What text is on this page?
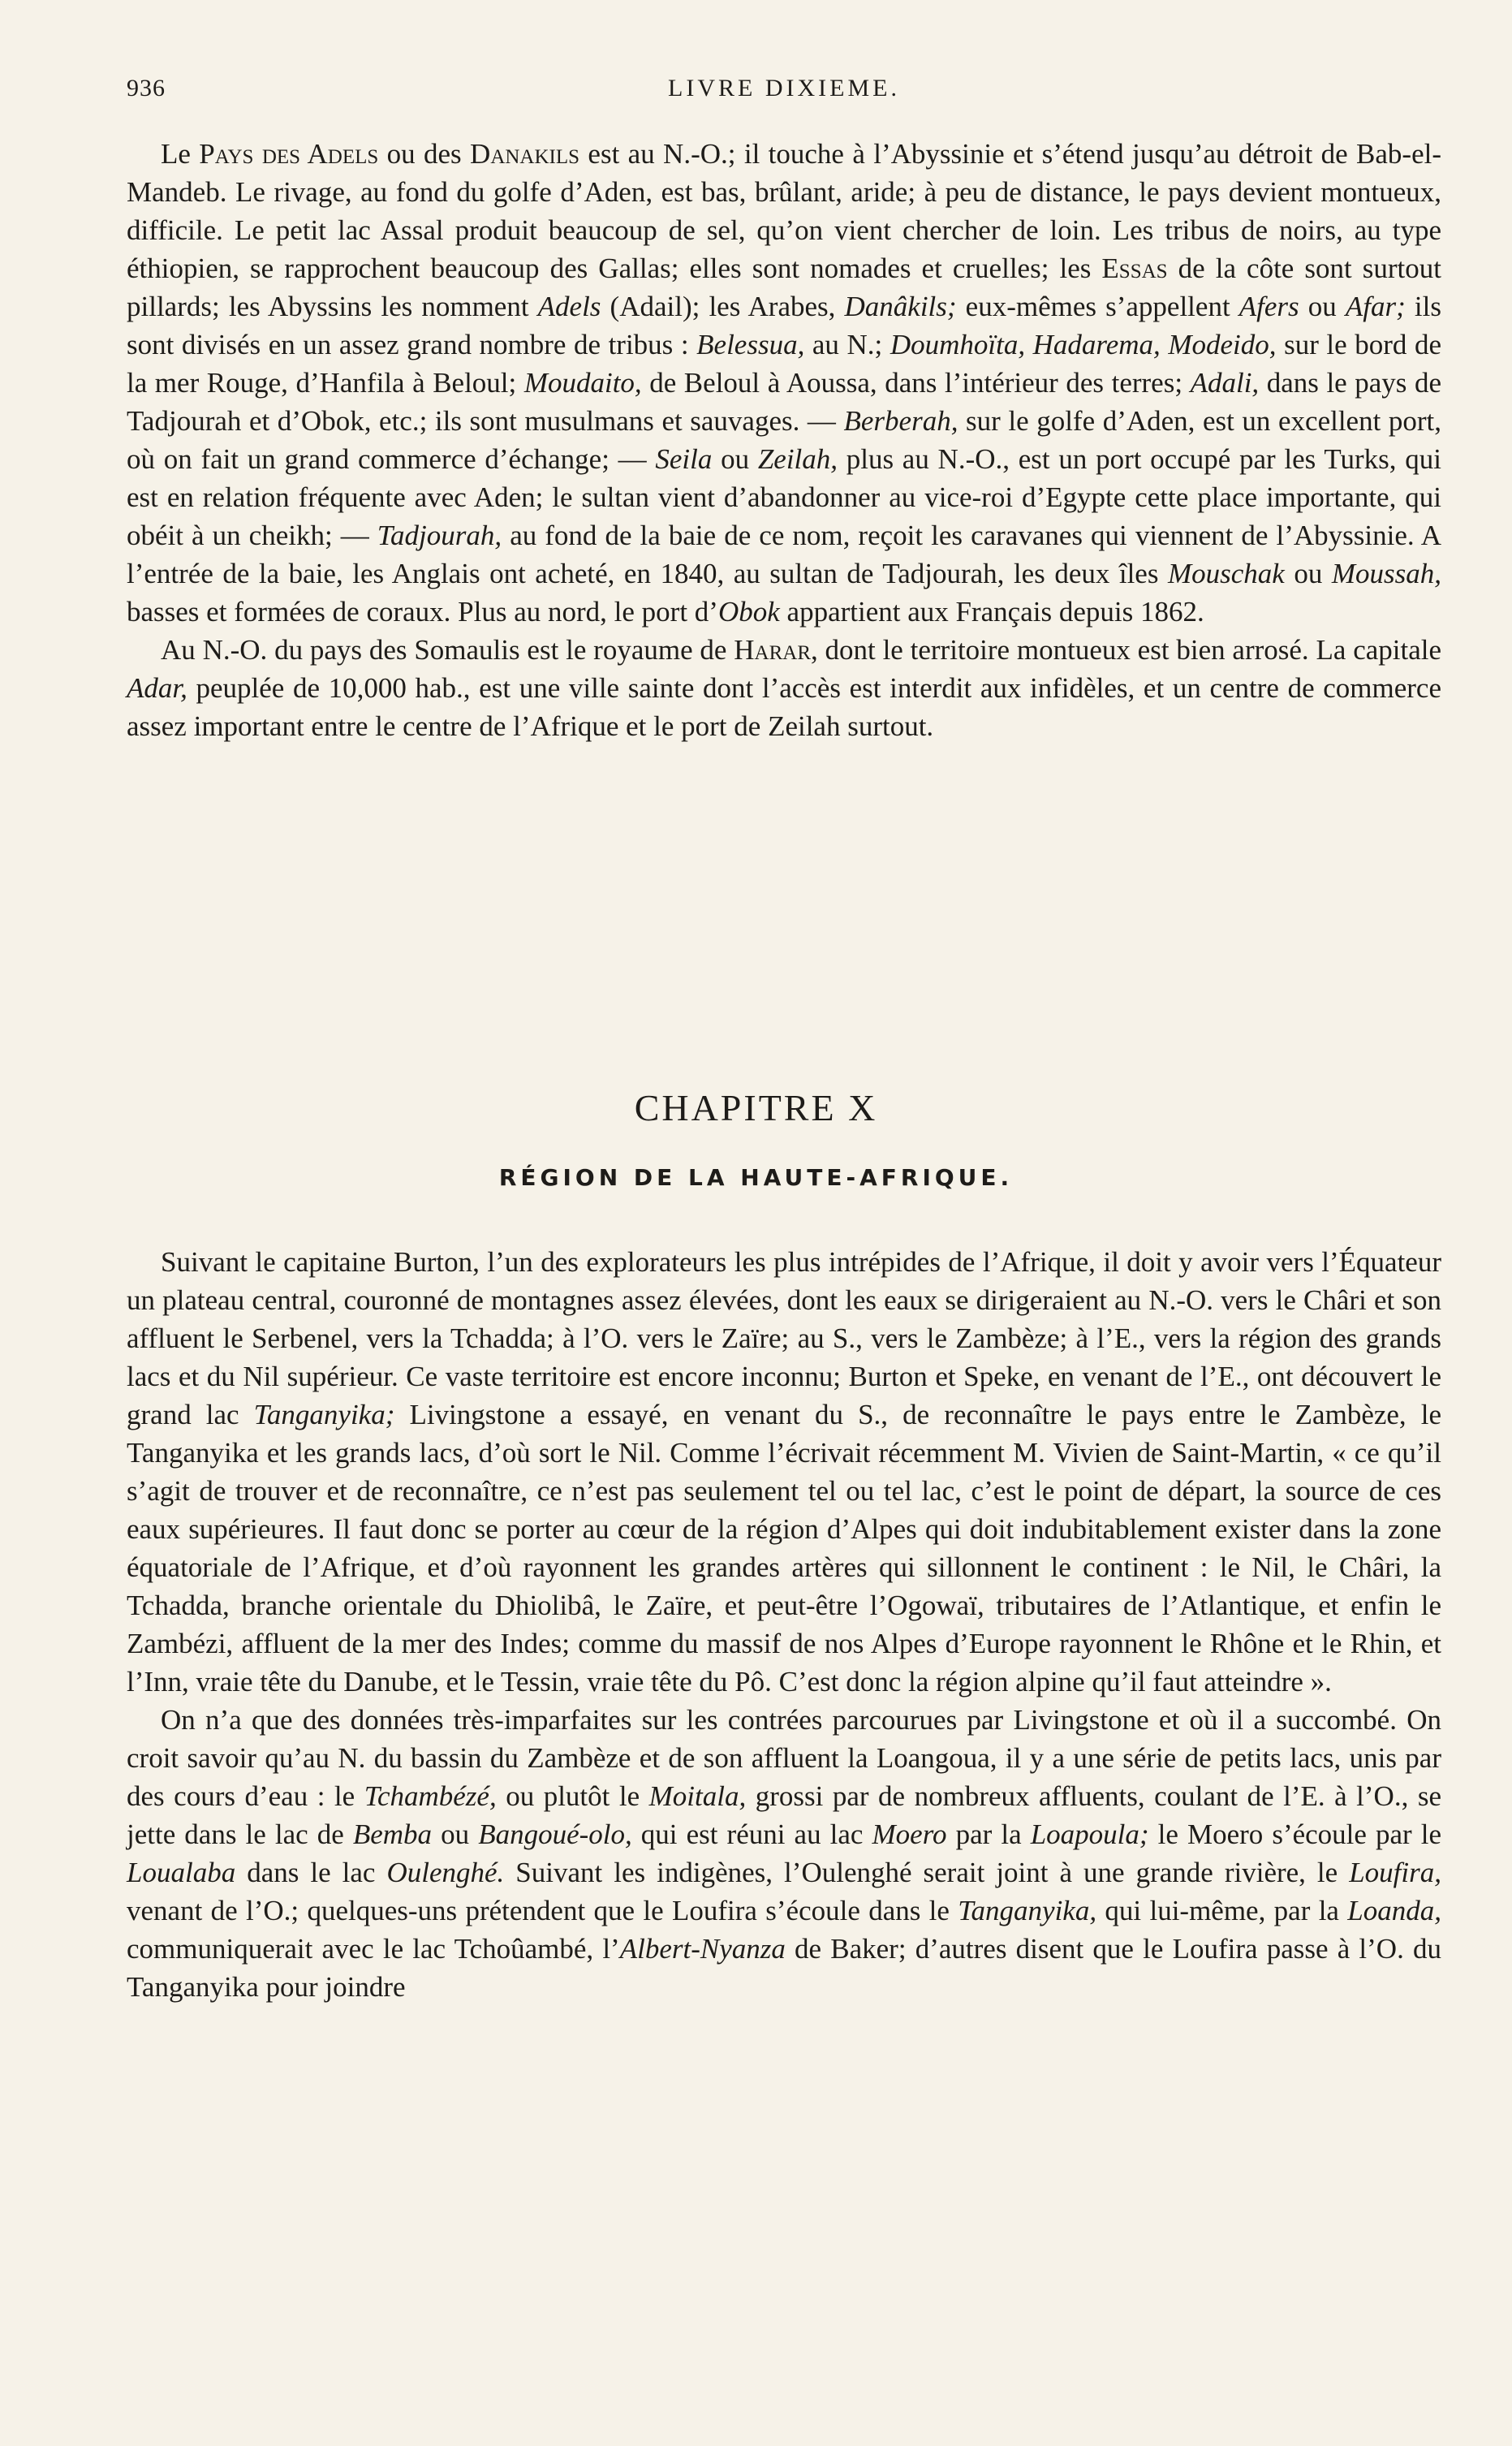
936	LIVRE DIXIEME.

Le Pays des Adels ou des Danakils est au N.-O.; il touche à l’Abyssinie et s’étend jusqu’au détroit de Bab-el-Mandeb. Le rivage, au fond du golfe d’Aden, est bas, brûlant, aride; à peu de distance, le pays devient montueux, difficile. Le petit lac Assal produit beaucoup de sel, qu’on vient chercher de loin. Les tribus de noirs, au type éthiopien, se rapprochent beaucoup des Gallas; elles sont nomades et cruelles; les Essas de la côte sont surtout pillards; les Abyssins les nomment Adels (Adail); les Arabes, Danâkils; eux-mêmes s’appellent Afers ou Afar; ils sont divisés en un assez grand nombre de tribus : Belessua, au N.; Doumhoïta, Hadarema, Modeido, sur le bord de la mer Rouge, d’Hanfila à Beloul; Moudaito, de Beloul à Aoussa, dans l’intérieur des terres; Adali, dans le pays de Tadjourah et d’Obok, etc.; ils sont musulmans et sauvages. — Berberah, sur le golfe d’Aden, est un excellent port, où on fait un grand commerce d’échange; — Seila ou Zeilah, plus au N.-O., est un port occupé par les Turks, qui est en relation fréquente avec Aden; le sultan vient d’abandonner au vice-roi d’Egypte cette place importante, qui obéit à un cheikh; — Tadjourah, au fond de la baie de ce nom, reçoit les caravanes qui viennent de l’Abyssinie. A l’entrée de la baie, les Anglais ont acheté, en 1840, au sultan de Tadjourah, les deux îles Mouschak ou Moussah, basses et formées de coraux. Plus au nord, le port d’Obok appartient aux Français depuis 1862.

Au N.-O. du pays des Somaulis est le royaume de Harar, dont le territoire montueux est bien arrosé. La capitale Adar, peuplée de 10,000 hab., est une ville sainte dont l’accès est interdit aux infidèles, et un centre de commerce assez important entre le centre de l’Afrique et le port de Zeilah surtout.

CHAPITRE X
RÉGION DE LA HAUTE-AFRIQUE.

Suivant le capitaine Burton, l’un des explorateurs les plus intrépides de l’Afrique, il doit y avoir vers l’Équateur un plateau central, couronné de montagnes assez élevées, dont les eaux se dirigeraient au N.-O. vers le Châri et son affluent le Serbenel, vers la Tchadda; à l’O. vers le Zaïre; au S., vers le Zambèze; à l’E., vers la région des grands lacs et du Nil supérieur. Ce vaste territoire est encore inconnu; Burton et Speke, en venant de l’E., ont découvert le grand lac Tanganyika; Livingstone a essayé, en venant du S., de reconnaître le pays entre le Zambèze, le Tanganyika et les grands lacs, d’où sort le Nil. Comme l’écrivait récemment M. Vivien de Saint-Martin, « ce qu’il s’agit de trouver et de reconnaître, ce n’est pas seulement tel ou tel lac, c’est le point de départ, la source de ces eaux supérieures. Il faut donc se porter au cœur de la région d’Alpes qui doit indubitablement exister dans la zone équatoriale de l’Afrique, et d’où rayonnent les grandes artères qui sillonnent le continent : le Nil, le Châri, la Tchadda, branche orientale du Dhiolibâ, le Zaïre, et peut-être l’Ogowaï, tributaires de l’Atlantique, et enfin le Zambézi, affluent de la mer des Indes; comme du massif de nos Alpes d’Europe rayonnent le Rhône et le Rhin, et l’Inn, vraie tête du Danube, et le Tessin, vraie tête du Pô. C’est donc la région alpine qu’il faut atteindre ».

On n’a que des données très-imparfaites sur les contrées parcourues par Livingstone et où il a succombé. On croit savoir qu’au N. du bassin du Zambèze et de son affluent la Loangoua, il y a une série de petits lacs, unis par des cours d’eau : le Tchambézé, ou plutôt le Moitala, grossi par de nombreux affluents, coulant de l’E. à l’O., se jette dans le lac de Bemba ou Bangoué-olo, qui est réuni au lac Moero par la Loapoula; le Moero s’écoule par le Loualaba dans le lac Oulenghé. Suivant les indigènes, l’Oulenghé serait joint à une grande rivière, le Loufira, venant de l’O.; quelques-uns prétendent que le Loufira s’écoule dans le Tanganyika, qui lui-même, par la Loanda, communiquerait avec le lac Tchoûambé, l’Albert-Nyanza de Baker; d’autres disent que le Loufira passe à l’O. du Tanganyika pour joindre
